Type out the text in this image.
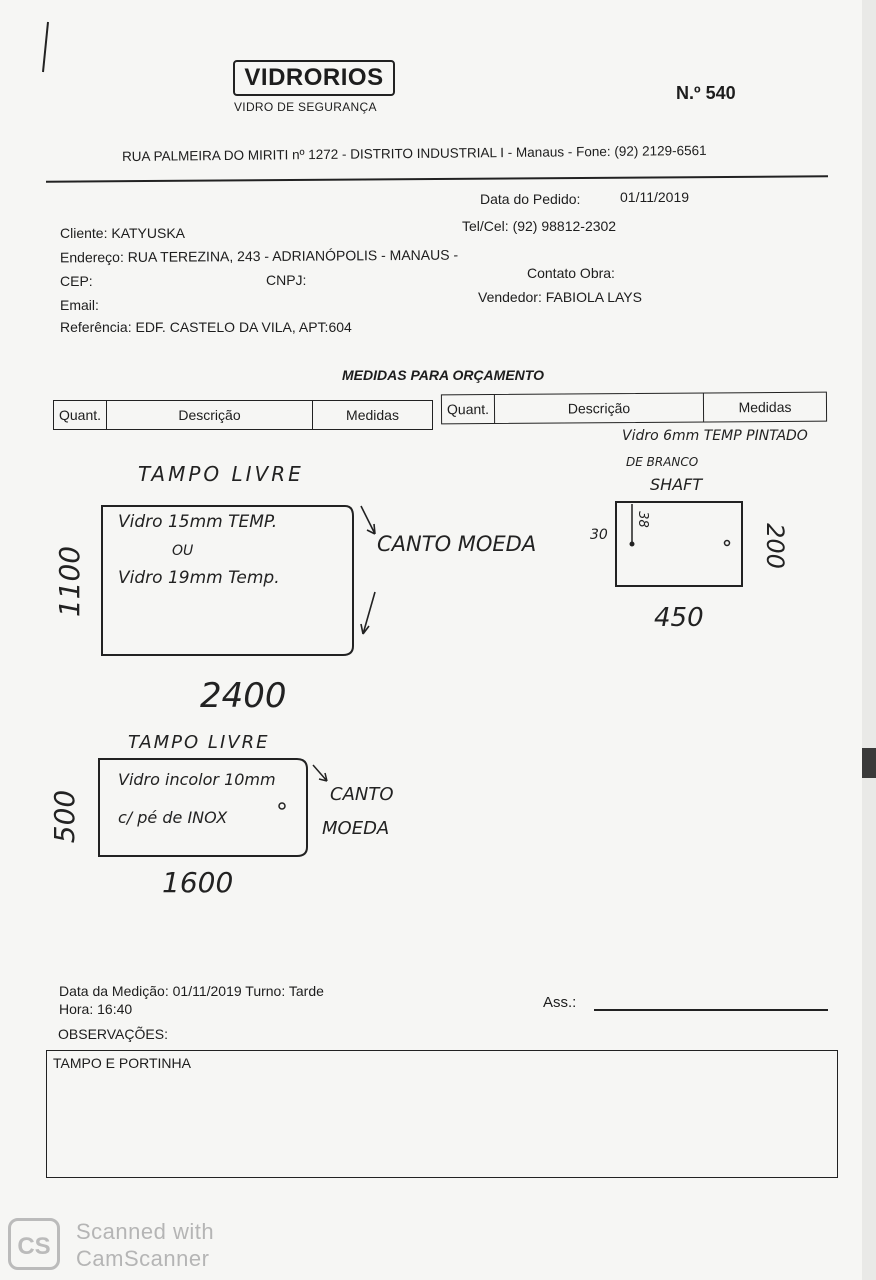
VIDRORIOS
VIDRO DE SEGURANÇA
N.º 540
RUA PALMEIRA DO MIRITI nº 1272 - DISTRITO INDUSTRIAL I - Manaus - Fone: (92) 2129-6561
Data do Pedido:	01/11/2019
Cliente: KATYUSKA	Tel/Cel: (92) 98812-2302
Endereço: RUA TEREZINA, 243 - ADRIANÓPOLIS - MANAUS -
CEP:	CNPJ:	Contato Obra:
Email:	Vendedor: FABIOLA LAYS
Referência: EDF. CASTELO DA VILA, APT:604
MEDIDAS PARA ORÇAMENTO
Quant.	Descrição	Medidas	Quant.	Descrição	Medidas
TAMPO LIVRE
Vidro 15mm TEMP.
OU
Vidro 19mm Temp.
CANTO MOEDA
1100
2400
TAMPO LIVRE
Vidro incolor 10mm
c/ pé de INOX
CANTO
MOEDA
500
1600
Vidro 6mm TEMP PINTADO
DE BRANCO
SHAFT
30
38
200
450
Data da Medição: 01/11/2019 Turno: Tarde
Hora: 16:40	Ass.:
OBSERVAÇÕES:
TAMPO E PORTINHA
CS
Scanned with
CamScanner
